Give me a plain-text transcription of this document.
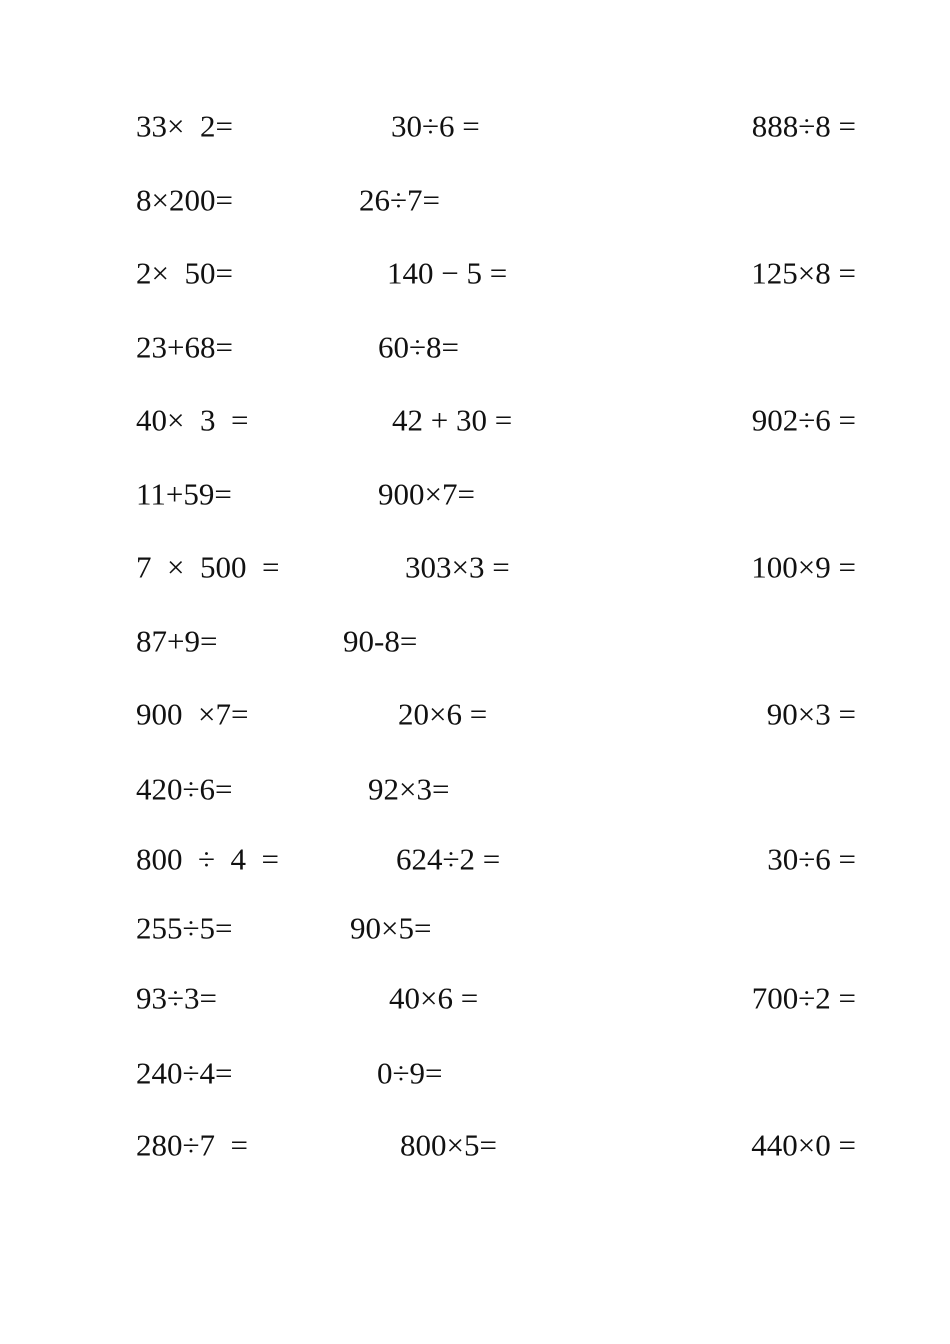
33×  2=	30÷6 =	888÷8 =
8×200=	26÷7=
2×  50=	140 − 5 =	125×8 =
23+68=	60÷8=
40×  3  =	42 + 30 =	902÷6 =
11+59=	900×7=
7  ×  500  =	303×3 =	100×9 =
87+9=	90-8=
900  ×7=	20×6 =	90×3 =
420÷6=	92×3=
800  ÷  4  =	624÷2 =	30÷6 =
255÷5=	90×5=
93÷3=	40×6 =	700÷2 =
240÷4=	0÷9=
280÷7  =	800×5=	440×0 =
